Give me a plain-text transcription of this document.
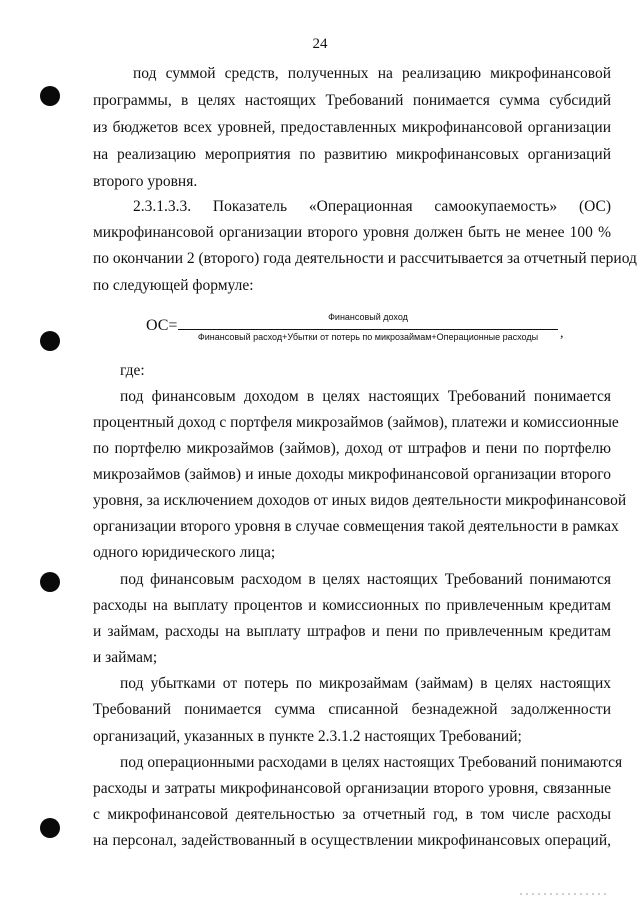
24
под суммой средств, полученных на реализацию микрофинансовой
программы, в целях настоящих Требований понимается сумма субсидий
из бюджетов всех уровней, предоставленных микрофинансовой организации
на реализацию мероприятия по развитию микрофинансовых организаций
второго уровня.
2.3.1.3.3. Показатель «Операционная самоокупаемость» (ОС)
микрофинансовой организации второго уровня должен быть не менее 100 %
по окончании 2 (второго) года деятельности и рассчитывается за отчетный период
по следующей формуле:
ОС=	Финансовый доход
Финансовый расход+Убытки от потерь по микрозаймам+Операционные расходы	,
где:
под финансовым доходом в целях настоящих Требований понимается
процентный доход с портфеля микрозаймов (займов), платежи и комиссионные
по портфелю микрозаймов (займов), доход от штрафов и пени по портфелю
микрозаймов (займов) и иные доходы микрофинансовой организации второго
уровня, за исключением доходов от иных видов деятельности микрофинансовой
организации второго уровня в случае совмещения такой деятельности в рамках
одного юридического лица;
под финансовым расходом в целях настоящих Требований понимаются
расходы на выплату процентов и комиссионных по привлеченным кредитам
и займам, расходы на выплату штрафов и пени по привлеченным кредитам
и займам;
под убытками от потерь по микрозаймам (займам) в целях настоящих
Требований понимается сумма списанной безнадежной задолженности
организаций, указанных в пункте 2.3.1.2 настоящих Требований;
под операционными расходами в целях настоящих Требований понимаются
расходы и затраты микрофинансовой организации второго уровня, связанные
с микрофинансовой деятельностью за отчетный год, в том числе расходы
на персонал, задействованный в осуществлении микрофинансовых операций,
